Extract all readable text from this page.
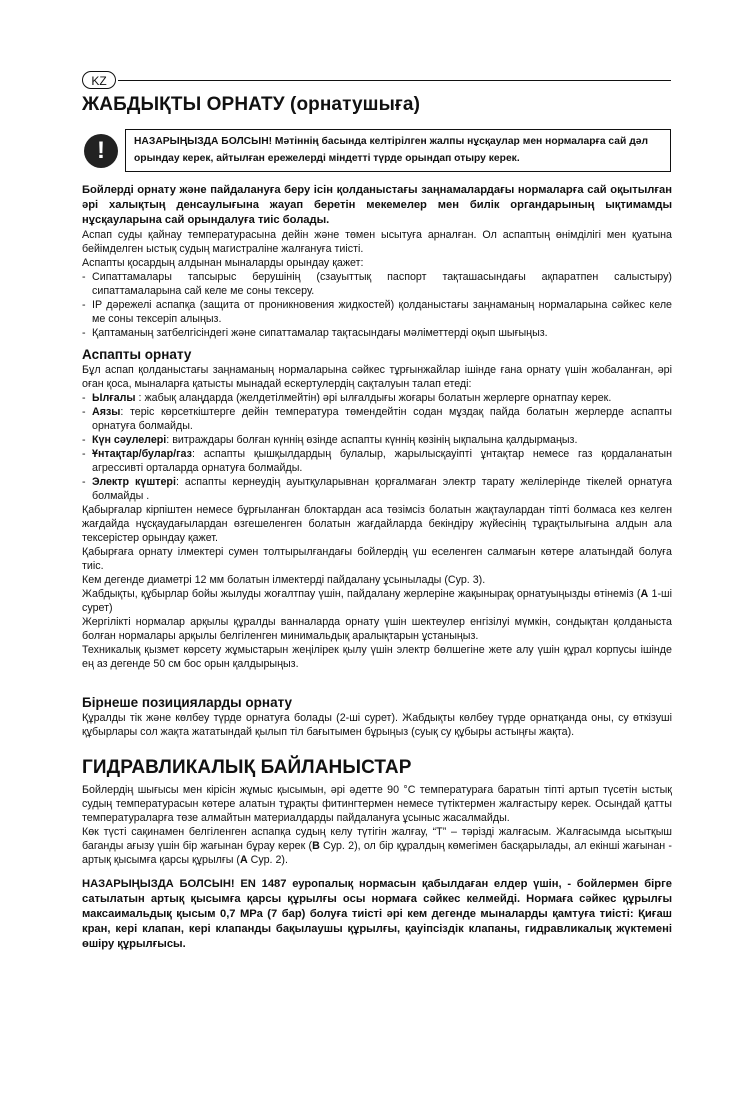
KZ
ЖАБДЫҚТЫ ОРНАТУ (орнатушыға)
!	НАЗАРЫҢЫЗДА БОЛСЫН! Мәтіннің басында келтірілген жалпы нұсқаулар мен нормаларға сай дәл орындау керек, айтылған ережелерді міндетті түрде орындап отыру керек.

Бойлерді орнату және пайдалануға беру ісін қолданыстағы заңнамалардағы нормаларға сай оқытылған әрі халықтың денсаулығына жауап беретін мекемелер мен билік органдарының ықтимамды нұсқауларына сай орындалуға тиіс болады.

Аспап суды қайнау температурасына дейін және төмен ысытуға арналған. Ол аспаптың өнімділігі мен қуатына бейімделген ыстық судың магистраліне жалғануға тиісті.

Аспапты қосардың алдынан мыналарды орындау қажет:

- Сипаттамалары тапсырыс берушінің (сзауыттық паспорт тақташасындағы ақпаратпен салыстыру) сипаттамаларына сай келе ме соны тексеру.
- IP дәрежелі аспапқа (защита от проникновения жидкостей) қолданыстағы заңнаманың нормаларына сәйкес келе ме соны тексеріп алыңыз.
- Қаптаманың затбелгісіндегі және сипаттамалар тақтасындағы мәліметтерді оқып шығыңыз.
Аспапты орнату

Бұл аспап қолданыстағы заңнаманың нормаларына сәйкес тұрғынжайлар ішінде ғана орнату үшін жобаланған, әрі оған қоса, мыналарға қатысты мынадай ескертулердің сақталуын талап етеді:

- Ылғалы : жабық алаңдарда (желдетілмейтін) әрі ылғалдығы жоғары болатын жерлерге орнатпау керек.
- Аязы: теріс көрсеткіштерге дейін температура төмендейтін содан мұздақ пайда болатын жерлерде аспапты орнатуға болмайды.
- Күн сәулелері: витраждары болған күннің өзінде аспапты күннің көзінің ықпалына қалдырмаңыз.
- Ұнтақтар/булар/газ: аспапты қышқылдардың булалыр, жарылысқауіпті ұнтақтар немесе газ қордаланатын агрессивті орталарда орнатуға болмайды.
- Электр күштері: аспапты кернеудің ауытқуларывнан қорғалмаған электр тарату желілерінде тікелей орнатуға болмайды .

Қабырғалар кірпіштен немесе бұрғыланған блоктардан аса төзімсіз болатын жақтаулардан тіпті болмаса кез келген жағдайда нұсқаудағылардан өзгешеленген болатын жағдайларда бекіндіру жүйесінің тұрақтылығына алдын ала тексерістер орындау қажет.

Қабырғаға орнату ілмектері сумен толтырылғандағы бойлердің үш еселенген салмағын көтере алатындай болуға тиіс.

Кем дегенде диаметрі 12 мм болатын ілмектерді пайдалану ұсынылады (Сур. 3).

Жабдықты, құбырлар бойы жылуды жоғалтпау үшін, пайдалану жерлеріне жақынырақ орнатуыңызды өтінеміз (A 1-ші сурет)

Жергілікті нормалар арқылы құралды ванналарда орнату үшін шектеулер енгізілуі мүмкін, сондықтан қолданыста болған нормалары арқылы белгіленген минимальдық аралықтарын ұстаныңыз.

Техникалық қызмет көрсету жұмыстарын жеңілірек қылу үшін электр бөлшегіне жете алу үшін құрал корпусы ішінде ең аз дегенде 50 см бос орын қалдырыңыз.

Бірнеше позицияларды орнату

Құралды тік және көлбеу түрде орнатуға болады (2-ші сурет). Жабдықты көлбеу түрде орнатқанда оны, су өткізуші құбырлары сол жақта жататындай қылып тіл бағытымен бұрыңыз (суық су құбыры астыңғы жақта).

ГИДРАВЛИКАЛЫҚ БАЙЛАНЫСТАР

Бойлердің шығысы мен кірісін жұмыс қысымын, әрі әдетте 90 °C температураға баратын тіпті артып түсетін ыстық судың температурасын көтере алатын тұрақты фитингтермен немесе түтіктермен жалғастыру керек. Осындай қатты температураларға төзе алмайтын материалдарды пайдалануға ұсыныс жасалмайды.

Көк түсті сақинамен белгіленген аспапқа судың келу түтігін жалғау, “Т” – тәрізді жалғасым. Жалғасымда ысытқыш баганды ағызу үшін бір жағынан бұрау керек (B Сур. 2), ол бір құралдың көмегімен басқарылады, ал екінші жағынан - артық қысымға қарсы құрылғы (A Сур. 2).

НАЗАРЫҢЫЗДА БОЛСЫН! EN 1487 еуропалық нормасын қабылдаған елдер үшін, - бойлермен бірге сатылатын артық қысымға қарсы құрылғы осы нормаға сәйкес келмейді. Нормаға сәйкес құрылғы максаимальдық қысым 0,7 МРа (7 бар) болуға тиісті әрі кем дегенде мыналарды қамтуға тиісті: Қиғаш кран, кері клапан, кері клапанды бақылаушы құрылғы, қауіпсіздік клапаны, гидравликалық жүктемені өшіру құрылғысы.
